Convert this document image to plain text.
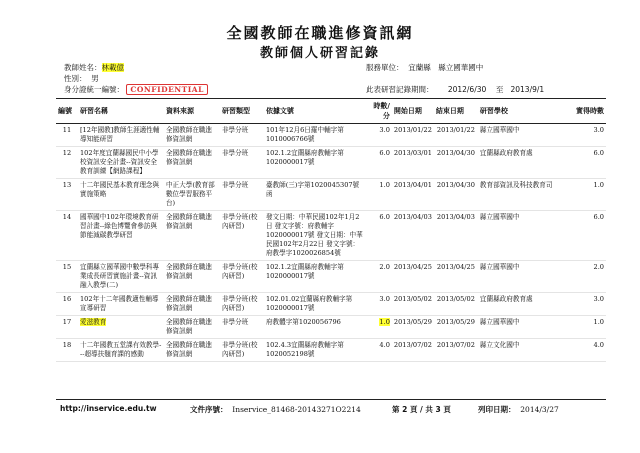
全國教師在職進修資訊網
教師個人研習記錄
教師姓名：林載億	服務單位： 宜蘭縣　縣立國華國中
性別： 男
身分證統一編號： CONFIDENTIAL	此表研習記錄期間： 2012/6/30 至 2013/9/1
編號	研習名稱	資料來源	研習類型	依據文號	時數/分	開始日期	結束日期	研習學校	實得時數
11	[12年國教]教師生涯適性輔導知能研習	全國教師在職進修資訊網	非學分班	101年12月6日羅中輔字第1010006766號	3.0	2013/01/22	2013/01/22	縣立國華國中	3.0
12	102年度宜蘭縣國民中小學校資訊安全計畫--資訊安全教育訓練【網路課程】	全國教師在職進修資訊網	非學分班	102.1.2宜蘭縣府教輔字第1020000017號	6.0	2013/03/01	2013/04/30	宜蘭縣政府教育處	6.0
13	十二年國民基本教育理念與實施策略	中正大學(教育部數位學習服務平台)	非學分班	臺教師(三)字第1020045307號函	1.0	2013/04/01	2013/04/30	教育部資訊及科技教育司	1.0
14	國華國中102年環境教育研習計畫--綠色博覽會參訪與節能減碳教學研習	全國教師在職進修資訊網	非學分班(校內研習)	發文日期：中華民國102年1月2日 發文字號：府教輔字1020000017號 發文日期：中華民國102年2月22日 發文字號：府教學字1020026854號	6.0	2013/04/03	2013/04/03	縣立國華國中	6.0
15	宜蘭縣立國華國中數學科專業成長研習實施計畫--資訊融入教學(二)	全國教師在職進修資訊網	非學分班(校內研習)	102.1.2宜蘭縣府教輔字第1020000017號	2.0	2013/04/25	2013/04/25	縣立國華國中	2.0
16	102年十二年國教適性輔導宣導研習	全國教師在職進修資訊網	非學分班(校內研習)	102.01.02宜蘭縣府教輔字第1020000017號	3.0	2013/05/02	2013/05/02	宜蘭縣政府教育處	3.0
17	愛滋教育	全國教師在職進修資訊網	非學分班	府教體字第1020056796	1.0	2013/05/29	2013/05/29	縣立國華國中	1.0
18	十二年國教五堂課有效教學---超導扶翹育課的感動	全國教師在職進修資訊網	非學分班(校內研習)	102.4.3宜蘭縣府教輔字第1020052198號	4.0	2013/07/02	2013/07/02	縣立文化國中	4.0
http://inservice.edu.tw	文件序號： Inservice_81468-20143271O2214	第 2 頁 / 共 3 頁	列印日期： 2014/3/27
